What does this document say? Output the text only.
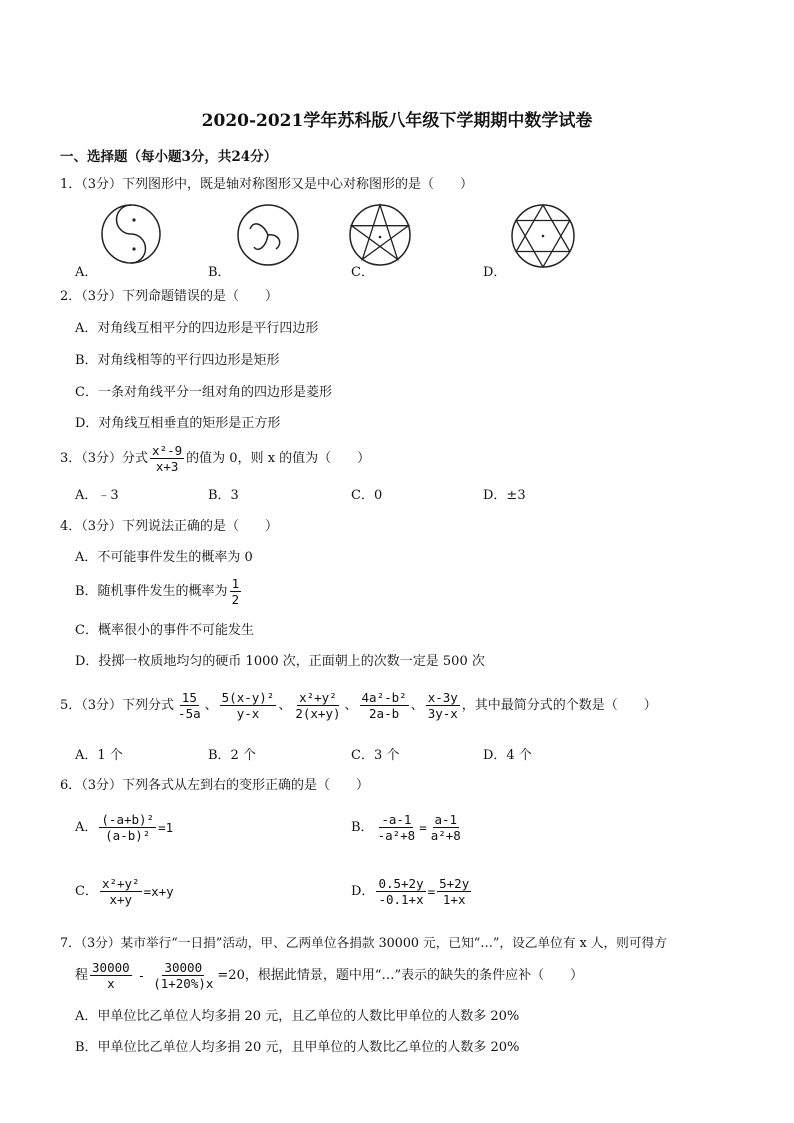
2020-2021学年苏科版八年级下学期期中数学试卷
一、选择题（每小题3分，共24分）
1．（3分）下列图形中，既是轴对称图形又是中心对称图形的是（　　）
A．	B．	C．	D．
2．（3分）下列命题错误的是（　　）
A．对角线互相平分的四边形是平行四边形
B．对角线相等的平行四边形是矩形
C．一条对角线平分一组对角的四边形是菱形
D．对角线互相垂直的矩形是正方形
3．（3分）分式 $\frac{\text{x²-9}}{x+3}$ 的值为 0，则 x 的值为（　　）
A．﹣3	B．3	C．0	D．±3
4．（3分）下列说法正确的是（　　）
A．不可能事件发生的概率为 0
B．随机事件发生的概率为 $\frac{1}{2}$
C．概率很小的事件不可能发生
D．投掷一枚质地均匀的硬币 1000 次，正面朝上的次数一定是 500 次
5．（3分）下列分式 $\frac{15}{-5a}$ 、 $\frac{\text{5(x-y)²}}{y-x}$ 、 $\frac{\text{x²+y²}}{2(x+y)}$ 、 $\frac{\text{4a²-b²}}{2a-b}$ 、 $\frac{x-3y}{3y-x}$ ，其中最简分式的个数是（　　）
A．1 个	B．2 个	C．3 个	D．4 个
6．（3分）下列各式从左到右的变形正确的是（　　）
A． $\frac{\text{(-a+b)²}}{\text{(a-b)²}} =1$	B． $\frac{-a-1}{\text{-a²+8}} = \frac{a-1}{\text{a²+8}}$
C． $\frac{\text{x²+y²}}{x+y} =x+y$	D． $\frac{0.5+2y}{-0.1+x} = \frac{5+2y}{1+x}$
7．（3分）某市举行“一日捐”活动，甲、乙两单位各捐款 30000 元，已知“…”，设乙单位有 x 人，则可得方
程 $\frac{30000}{x} - \frac{30000}{(1+20\%)x} =20$，根据此情景，题中用“…”表示的缺失的条件应补（　　）
A．甲单位比乙单位人均多捐 20 元，且乙单位的人数比甲单位的人数多 20%
B．甲单位比乙单位人均多捐 20 元，且甲单位的人数比乙单位的人数多 20%
